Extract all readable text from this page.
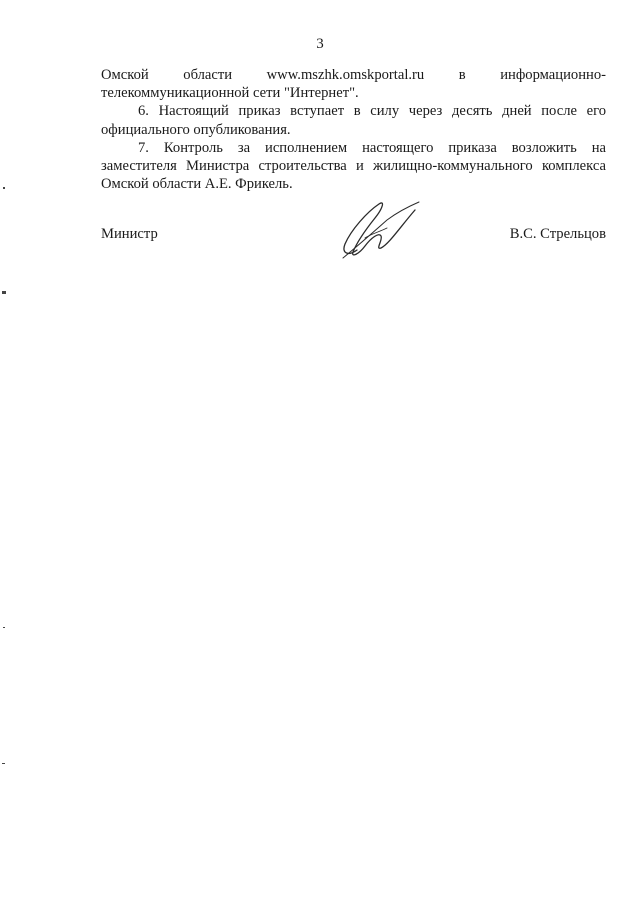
3
Омской области www.mszhk.omskportal.ru в информационно-
телекоммуникационной сети "Интернет".
6. Настоящий приказ вступает в силу через десять дней после его
официального опубликования.
7. Контроль за исполнением настоящего приказа возложить на
заместителя Министра строительства и жилищно-коммунального комплекса
Омской области А.Е. Фрикель.
Министр	В.С. Стрельцов
